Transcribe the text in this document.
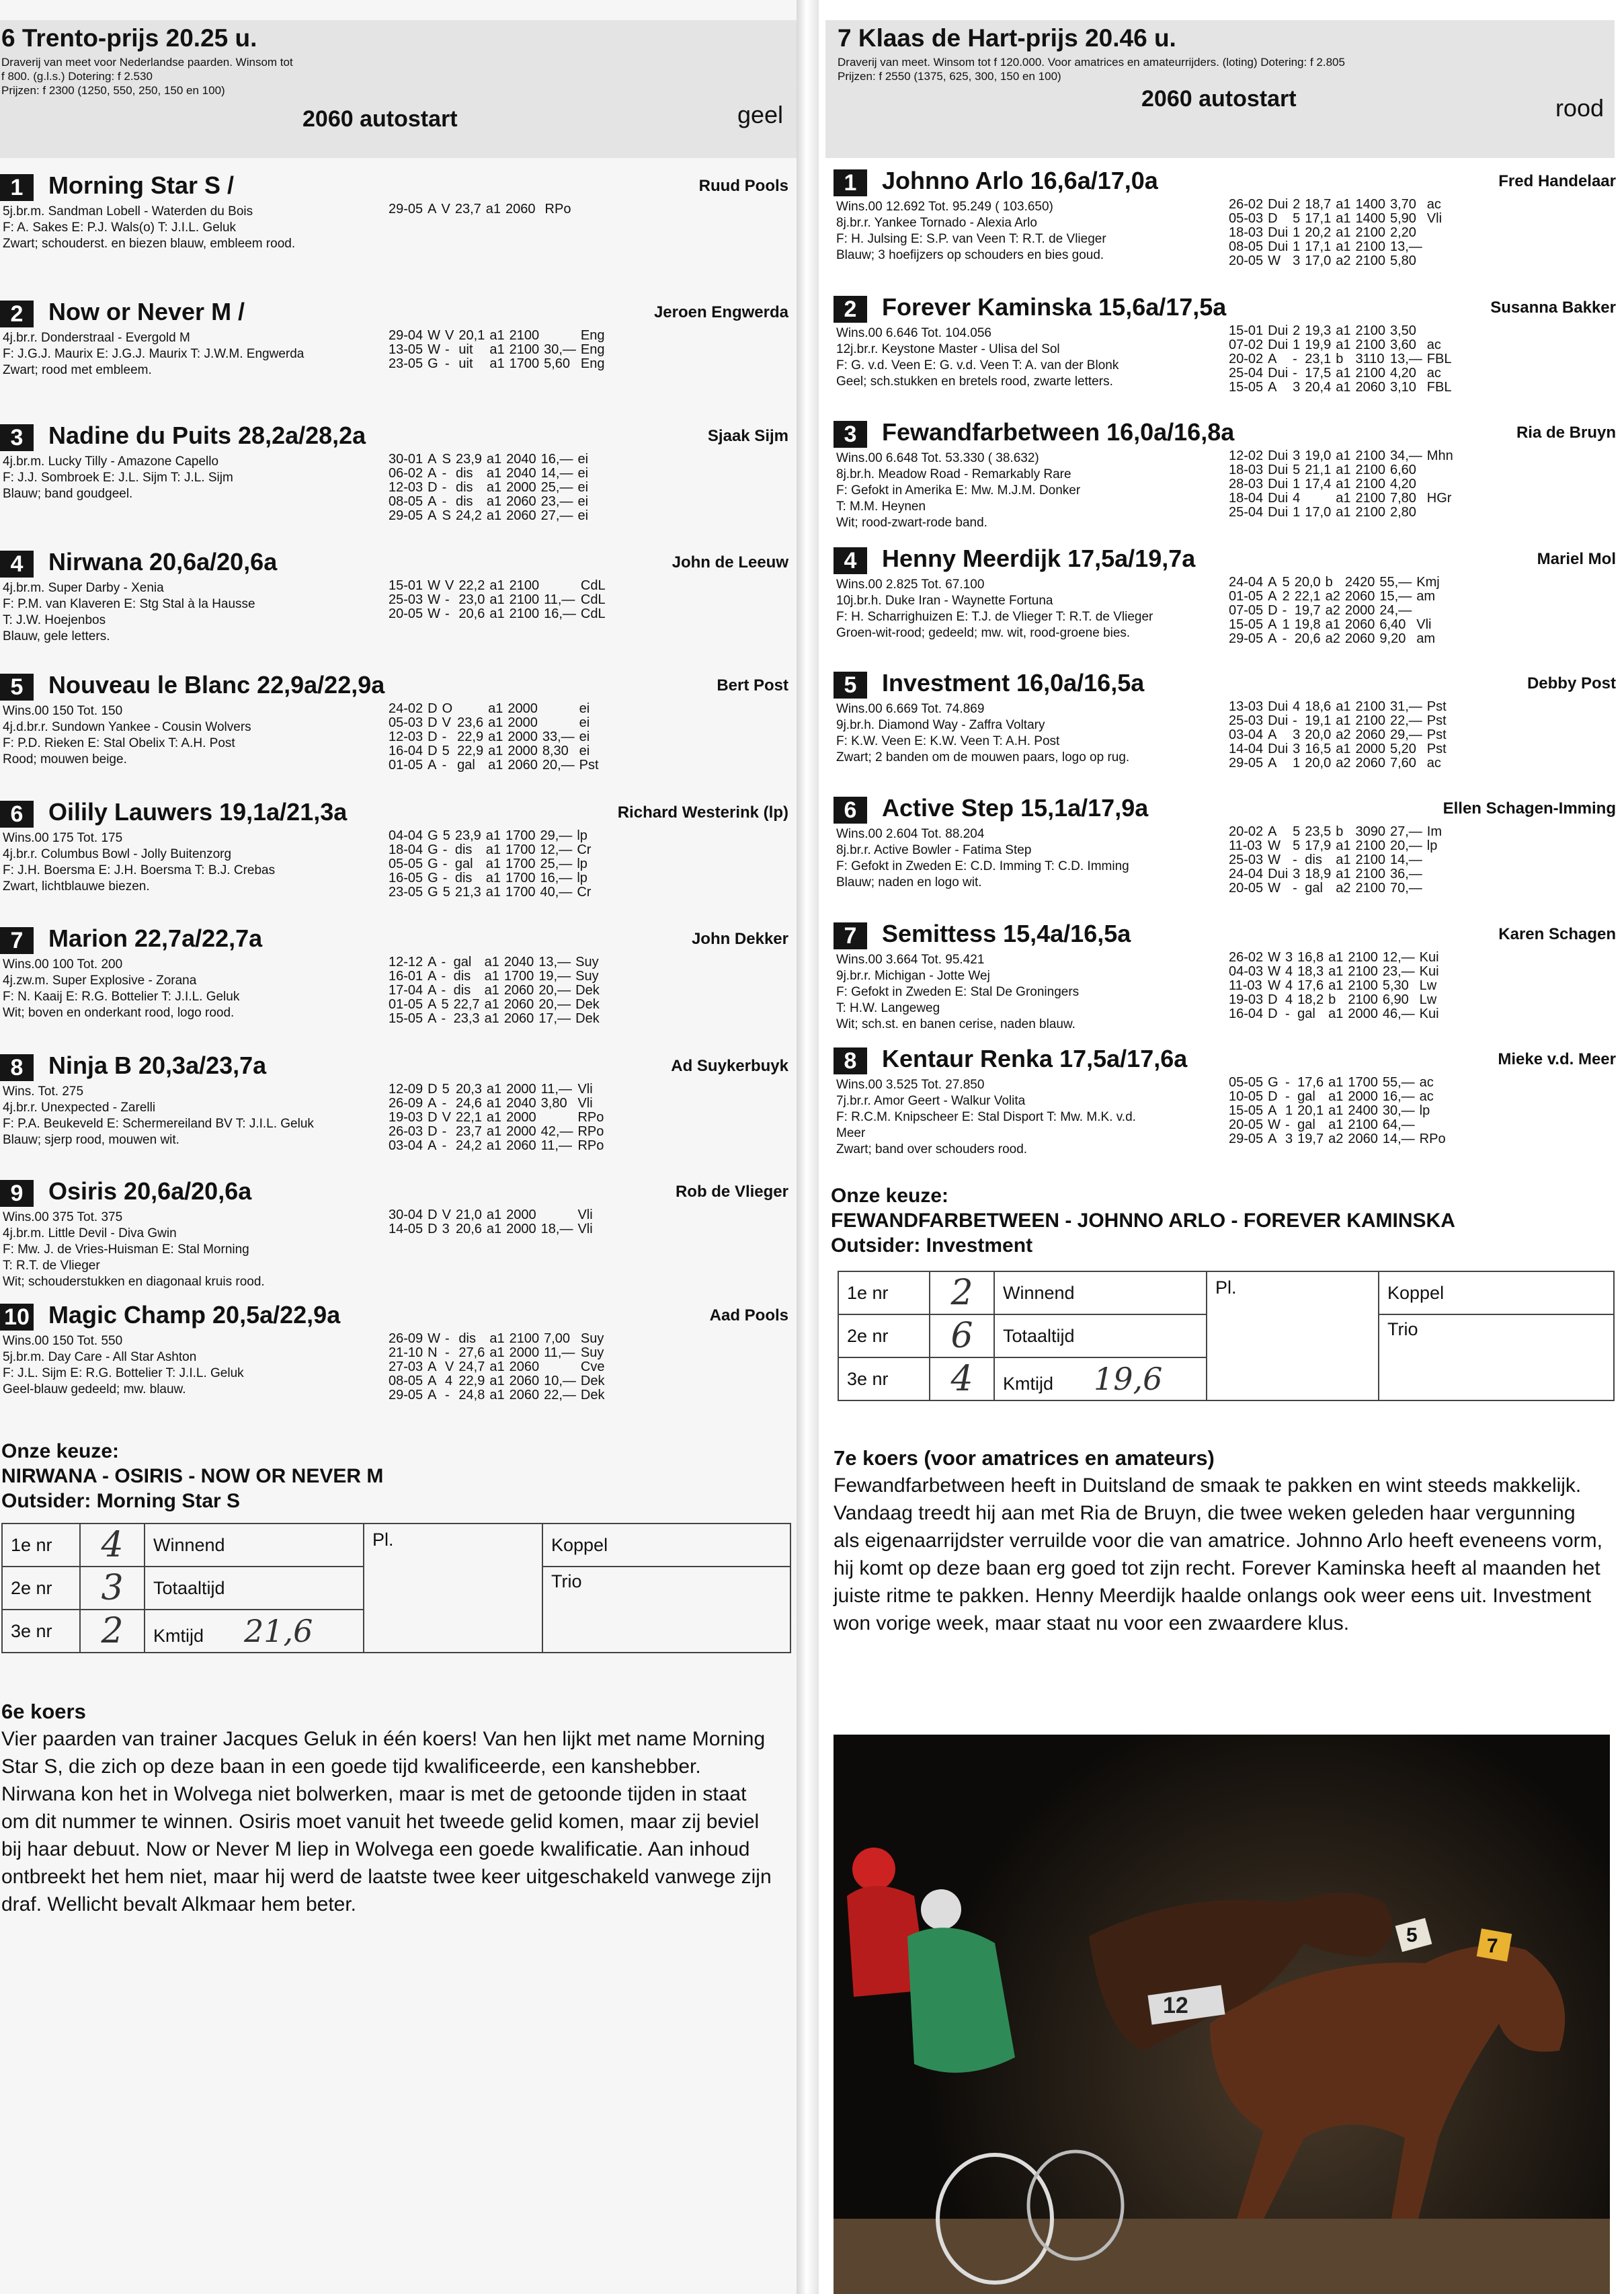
6 Trento-prijs 20.25 u.
Draverij van meet voor Nederlandse paarden. Winsom tot
f 800. (g.l.s.) Dotering: f 2.530
Prijzen: f 2300 (1250, 550, 250, 150 en 100)
2060 autostart	geel
1	Morning Star S /	Ruud Pools
5j.br.m. Sandman Lobell - Waterden du Bois
F: A. Sakes E: P.J. Wals(o) T: J.I.L. Geluk
Zwart; schouderst. en biezen blauw, embleem rood.
29-05	A	V	23,7	a1	2060		RPo
2	Now or Never M /	Jeroen Engwerda
4j.br.r. Donderstraal - Evergold M
F: J.G.J. Maurix E: J.G.J. Maurix T: J.W.M. Engwerda
Zwart; rood met embleem.
29-04	W	V	20,1	a1	2100		Eng
13-05	W	-	uit	a1	2100	30,—	Eng
23-05	G	-	uit	a1	1700	5,60	Eng
3	Nadine du Puits 28,2a/28,2a	Sjaak Sijm
4j.br.m. Lucky Tilly - Amazone Capello
F: J.J. Sombroek E: J.L. Sijm T: J.L. Sijm
Blauw; band goudgeel.
30-01	A	S	23,9	a1	2040	16,—	ei
06-02	A	-	dis	a1	2040	14,—	ei
12-03	D	-	dis	a1	2000	25,—	ei
08-05	A	-	dis	a1	2060	23,—	ei
29-05	A	S	24,2	a1	2060	27,—	ei
4	Nirwana 20,6a/20,6a	John de Leeuw
4j.br.m. Super Darby - Xenia
F: P.M. van Klaveren E: Stg Stal à la Hausse
T: J.W. Hoejenbos
Blauw, gele letters.
15-01	W	V	22,2	a1	2100		CdL
25-03	W	-	23,0	a1	2100	11,—	CdL
20-05	W	-	20,6	a1	2100	16,—	CdL
5	Nouveau le Blanc 22,9a/22,9a	Bert Post
Wins.00 150 Tot. 150
4j.d.br.r. Sundown Yankee - Cousin Wolvers
F: P.D. Rieken E: Stal Obelix T: A.H. Post
Rood; mouwen beige.
24-02	D	O		a1	2000		ei
05-03	D	V	23,6	a1	2000		ei
12-03	D	-	22,9	a1	2000	33,—	ei
16-04	D	5	22,9	a1	2000	8,30	ei
01-05	A	-	gal	a1	2060	20,—	Pst
6	Oilily Lauwers 19,1a/21,3a	Richard Westerink (lp)
Wins.00 175 Tot. 175
4j.br.r. Columbus Bowl - Jolly Buitenzorg
F: J.H. Boersma E: J.H. Boersma T: B.J. Crebas
Zwart, lichtblauwe biezen.
04-04	G	5	23,9	a1	1700	29,—	lp
18-04	G	-	dis	a1	1700	12,—	Cr
05-05	G	-	gal	a1	1700	25,—	lp
16-05	G	-	dis	a1	1700	16,—	lp
23-05	G	5	21,3	a1	1700	40,—	Cr
7	Marion 22,7a/22,7a	John Dekker
Wins.00 100 Tot. 200
4j.zw.m. Super Explosive - Zorana
F: N. Kaaij E: R.G. Bottelier T: J.I.L. Geluk
Wit; boven en onderkant rood, logo rood.
12-12	A	-	gal	a1	2040	13,—	Suy
16-01	A	-	dis	a1	1700	19,—	Suy
17-04	A	-	dis	a1	2060	20,—	Dek
01-05	A	5	22,7	a1	2060	20,—	Dek
15-05	A	-	23,3	a1	2060	17,—	Dek
8	Ninja B 20,3a/23,7a	Ad Suykerbuyk
Wins. Tot. 275
4j.br.r. Unexpected - Zarelli
F: P.A. Beukeveld E: Schermereiland BV T: J.I.L. Geluk
Blauw; sjerp rood, mouwen wit.
12-09	D	5	20,3	a1	2000	11,—	Vli
26-09	A	-	24,6	a1	2040	3,80	Vli
19-03	D	V	22,1	a1	2000		RPo
26-03	D	-	23,7	a1	2000	42,—	RPo
03-04	A	-	24,2	a1	2060	11,—	RPo
9	Osiris 20,6a/20,6a	Rob de Vlieger
Wins.00 375 Tot. 375
4j.br.m. Little Devil - Diva Gwin
F: Mw. J. de Vries-Huisman E: Stal Morning
T: R.T. de Vlieger
Wit; schouderstukken en diagonaal kruis rood.
30-04	D	V	21,0	a1	2000		Vli
14-05	D	3	20,6	a1	2000	18,—	Vli
10 Magic Champ 20,5a/22,9a	Aad Pools
Wins.00 150 Tot. 550
5j.br.m. Day Care - All Star Ashton
F: J.L. Sijm E: R.G. Bottelier T: J.I.L. Geluk
Geel-blauw gedeeld; mw. blauw.
26-09	W	-	dis	a1	2100	7,00	Suy
21-10	N	-	27,6	a1	2000	11,—	Suy
27-03	A	V	24,7	a1	2060		Cve
08-05	A	4	22,9	a1	2060	10,—	Dek
29-05	A	-	24,8	a1	2060	22,—	Dek
Onze keuze:
NIRWANA - OSIRIS - NOW OR NEVER M
Outsider: Morning Star S
1e nr	4	Winnend	Pl.	Koppel
2e nr	3	Totaaltijd		Trio
3e nr	2	Kmtijd 21,6		
6e koers
Vier paarden van trainer Jacques Geluk in één koers! Van hen lijkt met name Morning Star S, die zich op deze baan in een goede tijd kwalificeerde, een kanshebber. Nirwana kon het in Wolvega niet bolwerken, maar is met de getoonde tijden in staat om dit nummer te winnen. Osiris moet vanuit het tweede gelid komen, maar zij beviel bij haar debuut. Now or Never M liep in Wolvega een goede kwalificatie. Aan inhoud ontbreekt het hem niet, maar hij werd de laatste twee keer uitgeschakeld vanwege zijn draf. Wellicht bevalt Alkmaar hem beter.
7 Klaas de Hart-prijs 20.46 u.
Draverij van meet. Winsom tot f 120.000. Voor amatrices en amateurrijders. (loting) Dotering: f 2.805
Prijzen: f 2550 (1375, 625, 300, 150 en 100)
2060 autostart	rood
1	Johnno Arlo 16,6a/17,0a	Fred Handelaar
Wins.00 12.692 Tot. 95.249 ( 103.650)
8j.br.r. Yankee Tornado - Alexia Arlo
F: H. Julsing E: S.P. van Veen T: R.T. de Vlieger
Blauw; 3 hoefijzers op schouders en bies goud.
26-02	Dui	2	18,7	a1	1400	3,70	ac
05-03	D	5	17,1	a1	1400	5,90	Vli
18-03	Dui	1	20,2	a1	2100	2,20	
08-05	Dui	1	17,1	a1	2100	13,—	
20-05	W	3	17,0	a2	2100	5,80	
2	Forever Kaminska 15,6a/17,5a	Susanna Bakker
Wins.00 6.646 Tot. 104.056
12j.br.r. Keystone Master - Ulisa del Sol
F: G. v.d. Veen E: G. v.d. Veen T: A. van der Blonk
Geel; sch.stukken en bretels rood, zwarte letters.
15-01	Dui	2	19,3	a1	2100	3,50	
07-02	Dui	1	19,9	a1	2100	3,60	ac
20-02	A	-	23,1	b	3110	13,—	FBL
25-04	Dui	-	17,5	a1	2100	4,20	ac
15-05	A	3	20,4	a1	2060	3,10	FBL
3	Fewandfarbetween 16,0a/16,8a	Ria de Bruyn
Wins.00 6.648 Tot. 53.330 ( 38.632)
8j.br.h. Meadow Road - Remarkably Rare
F: Gefokt in Amerika E: Mw. M.J.M. Donker
T: M.M. Heynen
Wit; rood-zwart-rode band.
12-02	Dui	3	19,0	a1	2100	34,—	Mhn
18-03	Dui	5	21,1	a1	2100	6,60	
28-03	Dui	1	17,4	a1	2100	4,20	
18-04	Dui	4		a1	2100	7,80	HGr
25-04	Dui	1	17,0	a1	2100	2,80	
4	Henny Meerdijk 17,5a/19,7a	Mariel Mol
Wins.00 2.825 Tot. 67.100
10j.br.h. Duke Iran - Waynette Fortuna
F: H. Scharrighuizen E: T.J. de Vlieger T: R.T. de Vlieger
Groen-wit-rood; gedeeld; mw. wit, rood-groene bies.
24-04	A	5	20,0	b	2420	55,—	Kmj
01-05	A	2	22,1	a2	2060	15,—	am
07-05	D	-	19,7	a2	2000	24,—	
15-05	A	1	19,8	a1	2060	6,40	Vli
29-05	A	-	20,6	a2	2060	9,20	am
5	Investment 16,0a/16,5a	Debby Post
Wins.00 6.669 Tot. 74.869
9j.br.h. Diamond Way - Zaffra Voltary
F: K.W. Veen E: K.W. Veen T: A.H. Post
Zwart; 2 banden om de mouwen paars, logo op rug.
13-03	Dui	4	18,6	a1	2100	31,—	Pst
25-03	Dui	-	19,1	a1	2100	22,—	Pst
03-04	A	3	20,0	a2	2060	29,—	Pst
14-04	Dui	3	16,5	a1	2000	5,20	Pst
29-05	A	1	20,0	a2	2060	7,60	ac
6	Active Step 15,1a/17,9a	Ellen Schagen-Imming
Wins.00 2.604 Tot. 88.204
8j.br.r. Active Bowler - Fatima Step
F: Gefokt in Zweden E: C.D. Imming T: C.D. Imming
Blauw; naden en logo wit.
20-02	A	5	23,5	b	3090	27,—	Im
11-03	W	5	17,9	a1	2100	20,—	lp
25-03	W	-	dis	a1	2100	14,—	
24-04	Dui	3	18,9	a1	2100	36,—	
20-05	W	-	gal	a2	2100	70,—	
7	Semittess 15,4a/16,5a	Karen Schagen
Wins.00 3.664 Tot. 95.421
9j.br.r. Michigan - Jotte Wej
F: Gefokt in Zweden E: Stal De Groningers
T: H.W. Langeweg
Wit; sch.st. en banen cerise, naden blauw.
26-02	W	3	16,8	a1	2100	12,—	Kui
04-03	W	4	18,3	a1	2100	23,—	Kui
11-03	W	4	17,6	a1	2100	5,30	Lw
19-03	D	4	18,2	b	2100	6,90	Lw
16-04	D	-	gal	a1	2000	46,—	Kui
8	Kentaur Renka 17,5a/17,6a	Mieke v.d. Meer
Wins.00 3.525 Tot. 27.850
7j.br.r. Amor Geert - Walkur Volita
F: R.C.M. Knipscheer E: Stal Disport T: Mw. M.K. v.d.
Meer
Zwart; band over schouders rood.
05-05	G	-	17,6	a1	1700	55,—	ac
10-05	D	-	gal	a1	2000	16,—	ac
15-05	A	1	20,1	a1	2400	30,—	lp
20-05	W	-	gal	a1	2100	64,—	
29-05	A	3	19,7	a2	2060	14,—	RPo
Onze keuze:
FEWANDFARBETWEEN - JOHNNO ARLO - FOREVER KAMINSKA
Outsider: Investment
1e nr	2	Winnend	Pl.	Koppel
2e nr	6	Totaaltijd		Trio
3e nr	4	Kmtijd 19,6		
7e koers (voor amatrices en amateurs)
Fewandfarbetween heeft in Duitsland de smaak te pakken en wint steeds makkelijk. Vandaag treedt hij aan met Ria de Bruyn, die twee weken geleden haar vergunning als eigenaarrijdster verruilde voor die van amatrice. Johnno Arlo heeft eveneens vorm, hij komt op deze baan erg goed tot zijn recht. Forever Kaminska heeft al maanden het juiste ritme te pakken. Henny Meerdijk haalde onlangs ook weer eens uit. Investment won vorige week, maar staat nu voor een zwaardere klus.
5	7
12
